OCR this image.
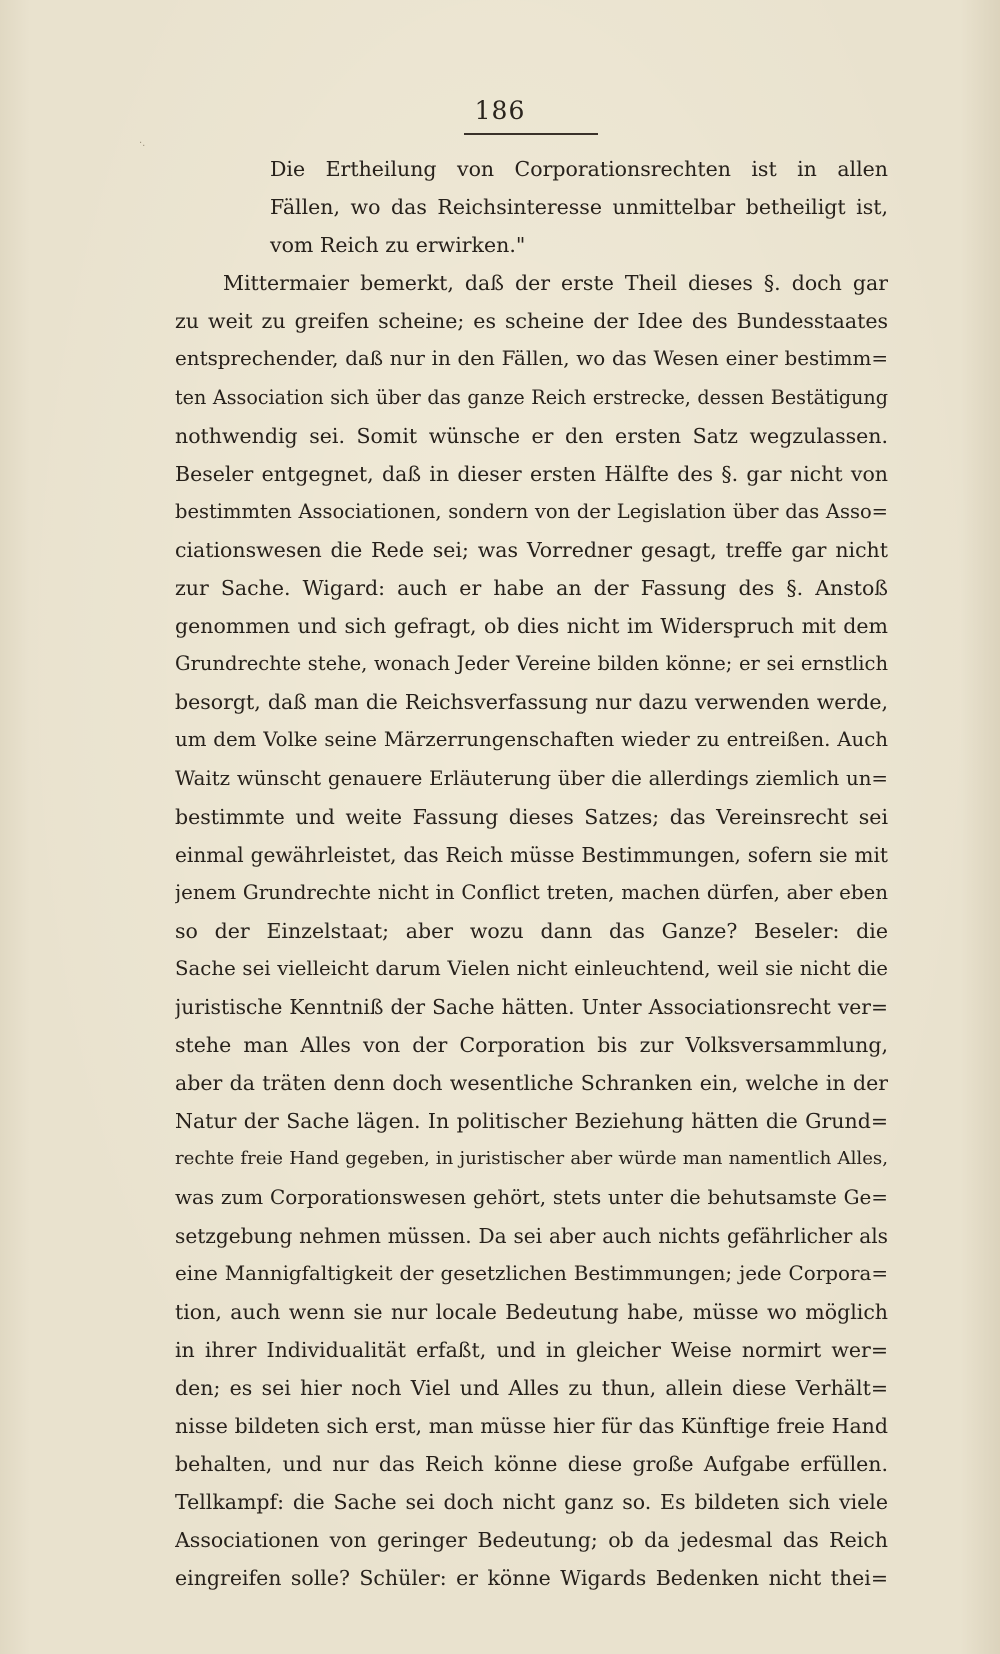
186
·.
Die Ertheilung von Corporationsrechten ist in allen
Fällen, wo das Reichsinteresse unmittelbar betheiligt ist,
vom Reich zu erwirken."
Mittermaier bemerkt, daß der erste Theil dieses §. doch gar
zu weit zu greifen scheine; es scheine der Idee des Bundesstaates
entsprechender, daß nur in den Fällen, wo das Wesen einer bestimm=
ten Association sich über das ganze Reich erstrecke, dessen Bestätigung
nothwendig sei. Somit wünsche er den ersten Satz wegzulassen.
Beseler entgegnet, daß in dieser ersten Hälfte des §. gar nicht von
bestimmten Associationen, sondern von der Legislation über das Asso=
ciationswesen die Rede sei; was Vorredner gesagt, treffe gar nicht
zur Sache. Wigard: auch er habe an der Fassung des §. Anstoß
genommen und sich gefragt, ob dies nicht im Widerspruch mit dem
Grundrechte stehe, wonach Jeder Vereine bilden könne; er sei ernstlich
besorgt, daß man die Reichsverfassung nur dazu verwenden werde,
um dem Volke seine Märzerrungenschaften wieder zu entreißen. Auch
Waitz wünscht genauere Erläuterung über die allerdings ziemlich un=
bestimmte und weite Fassung dieses Satzes; das Vereinsrecht sei
einmal gewährleistet, das Reich müsse Bestimmungen, sofern sie mit
jenem Grundrechte nicht in Conflict treten, machen dürfen, aber eben
so der Einzelstaat; aber wozu dann das Ganze? Beseler: die
Sache sei vielleicht darum Vielen nicht einleuchtend, weil sie nicht die
juristische Kenntniß der Sache hätten. Unter Associationsrecht ver=
stehe man Alles von der Corporation bis zur Volksversammlung,
aber da träten denn doch wesentliche Schranken ein, welche in der
Natur der Sache lägen. In politischer Beziehung hätten die Grund=
rechte freie Hand gegeben, in juristischer aber würde man namentlich Alles,
was zum Corporationswesen gehört, stets unter die behutsamste Ge=
setzgebung nehmen müssen. Da sei aber auch nichts gefährlicher als
eine Mannigfaltigkeit der gesetzlichen Bestimmungen; jede Corpora=
tion, auch wenn sie nur locale Bedeutung habe, müsse wo möglich
in ihrer Individualität erfaßt, und in gleicher Weise normirt wer=
den; es sei hier noch Viel und Alles zu thun, allein diese Verhält=
nisse bildeten sich erst, man müsse hier für das Künftige freie Hand
behalten, und nur das Reich könne diese große Aufgabe erfüllen.
Tellkampf: die Sache sei doch nicht ganz so. Es bildeten sich viele
Associationen von geringer Bedeutung; ob da jedesmal das Reich
eingreifen solle? Schüler: er könne Wigards Bedenken nicht thei=
